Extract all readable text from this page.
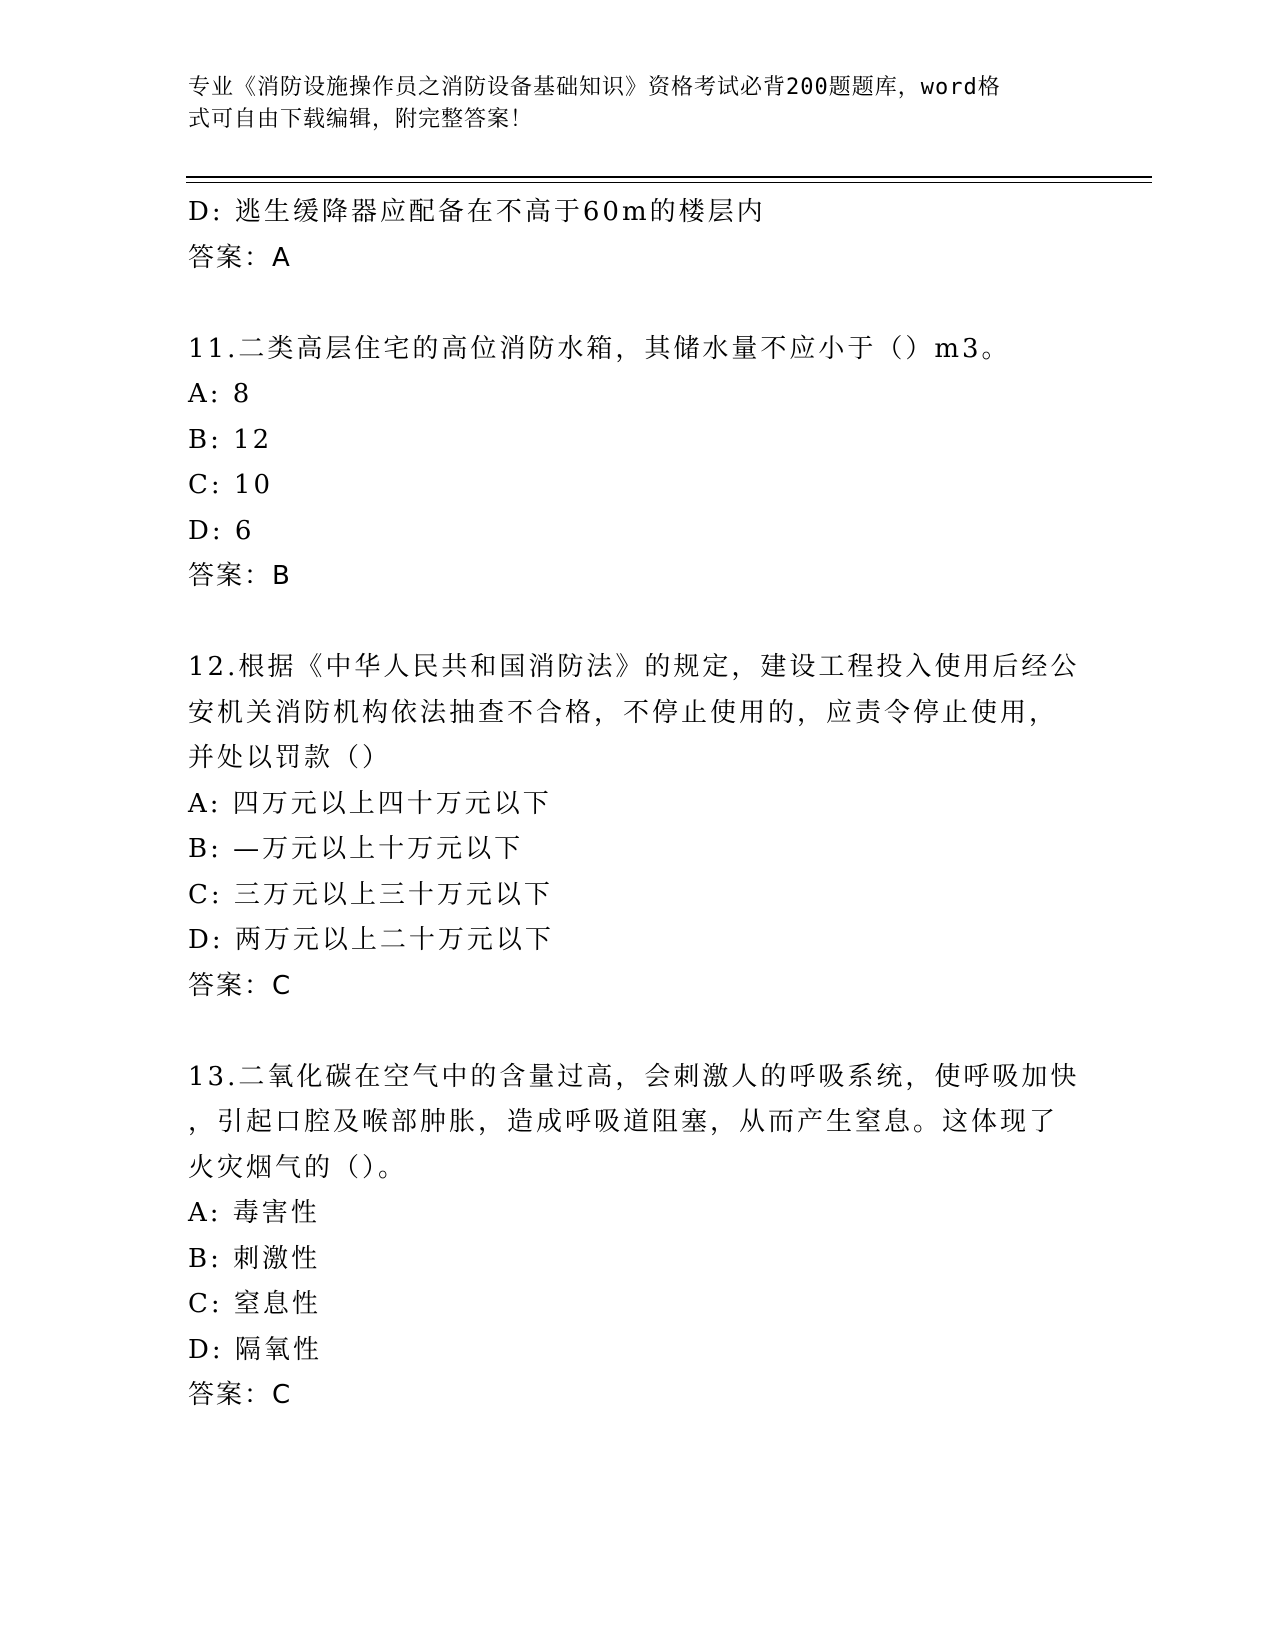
专业《消防设施操作员之消防设备基础知识》资格考试必背200题题库，word格
式可自由下载编辑，附完整答案！
D: 逃生缓降器应配备在不高于60m的楼层内
答案：A
11.二类高层住宅的高位消防水箱，其储水量不应小于（）m3。
A: 8
B: 12
C: 10
D: 6
答案：B
12.根据《中华人民共和国消防法》的规定，建设工程投入使用后经公
安机关消防机构依法抽查不合格，不停止使用的，应责令停止使用，
并处以罚款（）
A: 四万元以上四十万元以下
B: —万元以上十万元以下
C: 三万元以上三十万元以下
D: 两万元以上二十万元以下
答案：C
13.二氧化碳在空气中的含量过高，会刺激人的呼吸系统，使呼吸加快
，引起口腔及喉部肿胀，造成呼吸道阻塞，从而产生窒息。这体现了
火灾烟气的（）。
A: 毒害性
B: 刺激性
C: 窒息性
D: 隔氧性
答案：C
